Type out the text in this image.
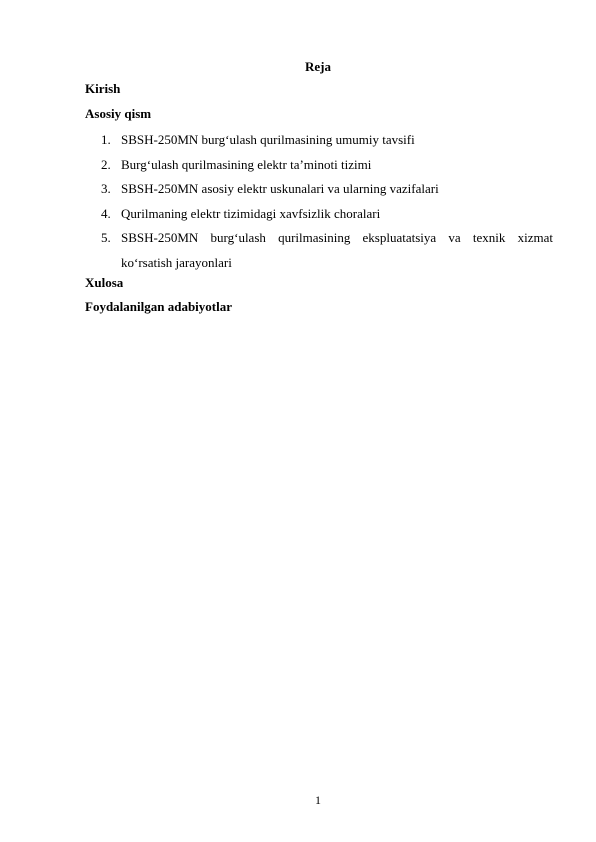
Reja
Kirish
Asosiy qism
1. SBSH-250MN burg‘ulash qurilmasining umumiy tavsifi
2. Burg‘ulash qurilmasining elektr ta’minoti tizimi
3. SBSH-250MN asosiy elektr uskunalari va ularning vazifalari
4. Qurilmaning elektr tizimidagi xavfsizlik choralari
5. SBSH-250MN burg‘ulash qurilmasining ekspluatatsiya va texnik xizmat ko‘rsatish jarayonlari
Xulosa
Foydalanilgan adabiyotlar
1
